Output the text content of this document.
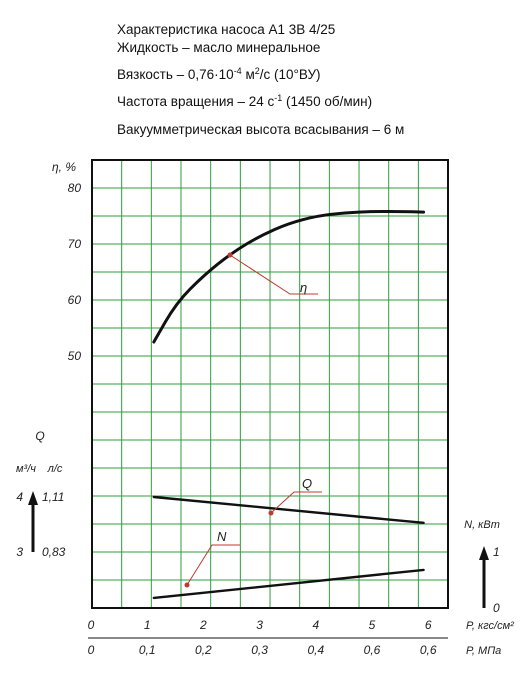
Характеристика насоса А1 3В 4/25
Жидкость – масло минеральное
Вязкость – $0,76\cdot 10^{-4}$ $м^2/с$ (10°ВУ)
Частота вращения – 24 $с^{-1}$ (1450 об/мин)
Вакуумметрическая высота всасывания – 6 м
η, %
50
60
70
80
Q
м³/ч л/с
3
4
0,83
1,11
N, кВт
0
1
0	1	2	3	4	5	6
0	0,1	0,2	0,3	0,4	0,6	0,6
P, кгс/см²
P, МПа
η
Q
N
